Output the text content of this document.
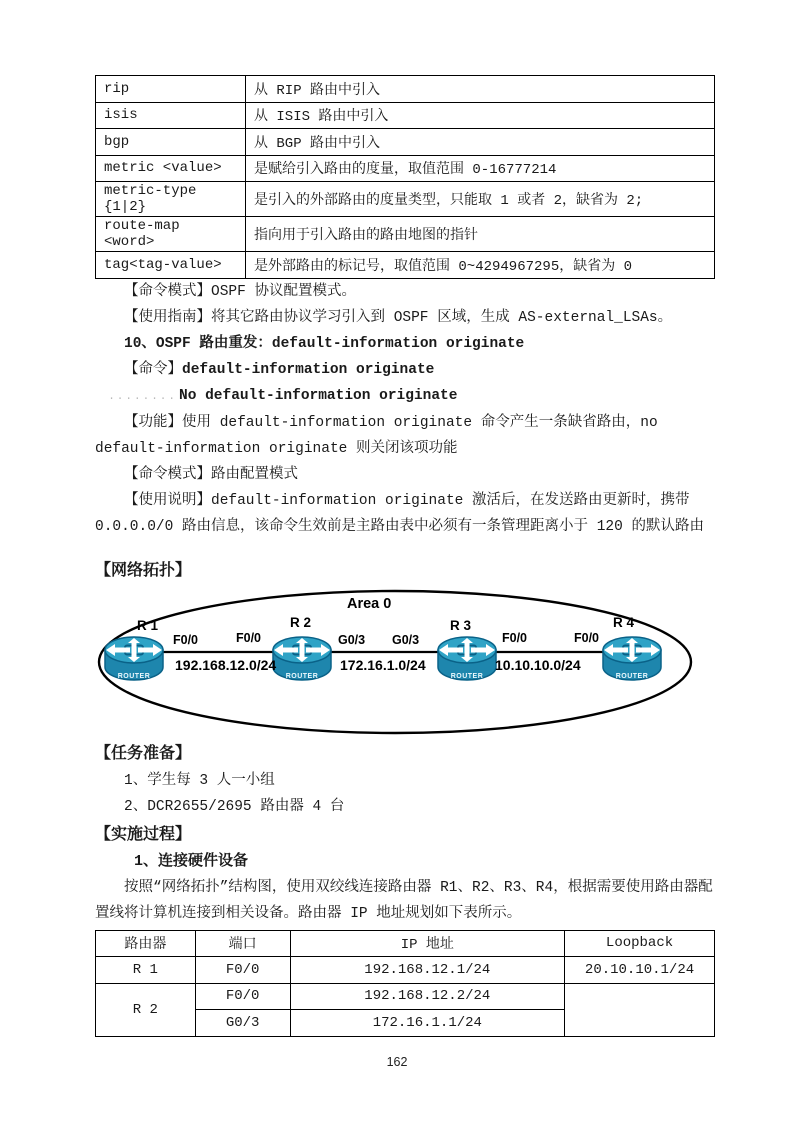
rip	从 RIP 路由中引入
isis	从 ISIS 路由中引入
bgp	从 BGP 路由中引入
metric <value>	是赋给引入路由的度量，取值范围 0-16777214
metric-type {1|2}	是引入的外部路由的度量类型，只能取 1 或者 2，缺省为 2;
route-map <word>	指向用于引入路由的路由地图的指针
tag<tag-value>	是外部路由的标记号，取值范围 0~4294967295，缺省为 0

【命令模式】OSPF 协议配置模式。

【使用指南】将其它路由协议学习引入到 OSPF 区域，生成 AS-external_LSAs。

10、OSPF 路由重发：default-information originate

【命令】default-information originate

........ No default-information originate

【功能】使用 default-information originate 命令产生一条缺省路由，no default-information originate 则关闭该项功能

【命令模式】路由配置模式

【使用说明】default-information originate 激活后，在发送路由更新时，携带 0.0.0.0/0 路由信息，该命令生效前是主路由表中必须有一条管理距离小于 120 的默认路由

【网络拓扑】
Area 0
ROUTER	ROUTER	ROUTER	ROUTER
R 1	R 2	R 3	R 4
F0/0	F0/0	G0/3 G0/3	F0/0	F0/0
192.168.12.0/24	172.16.1.0/24	10.10.10.0/24
【任务准备】

1、学生每 3 人一小组

2、DCR2655/2695 路由器 4 台

【实施过程】

1、连接硬件设备

按照“网络拓扑”结构图，使用双绞线连接路由器 R1、R2、R3、R4，根据需要使用路由器配置线将计算机连接到相关设备。路由器 IP 地址规划如下表所示。

路由器	端口	IP 地址	Loopback
R 1	F0/0	192.168.12.1/24	20.10.10.1/24
R 2	F0/0	192.168.12.2/24	
	G0/3	172.16.1.1/24	
162
